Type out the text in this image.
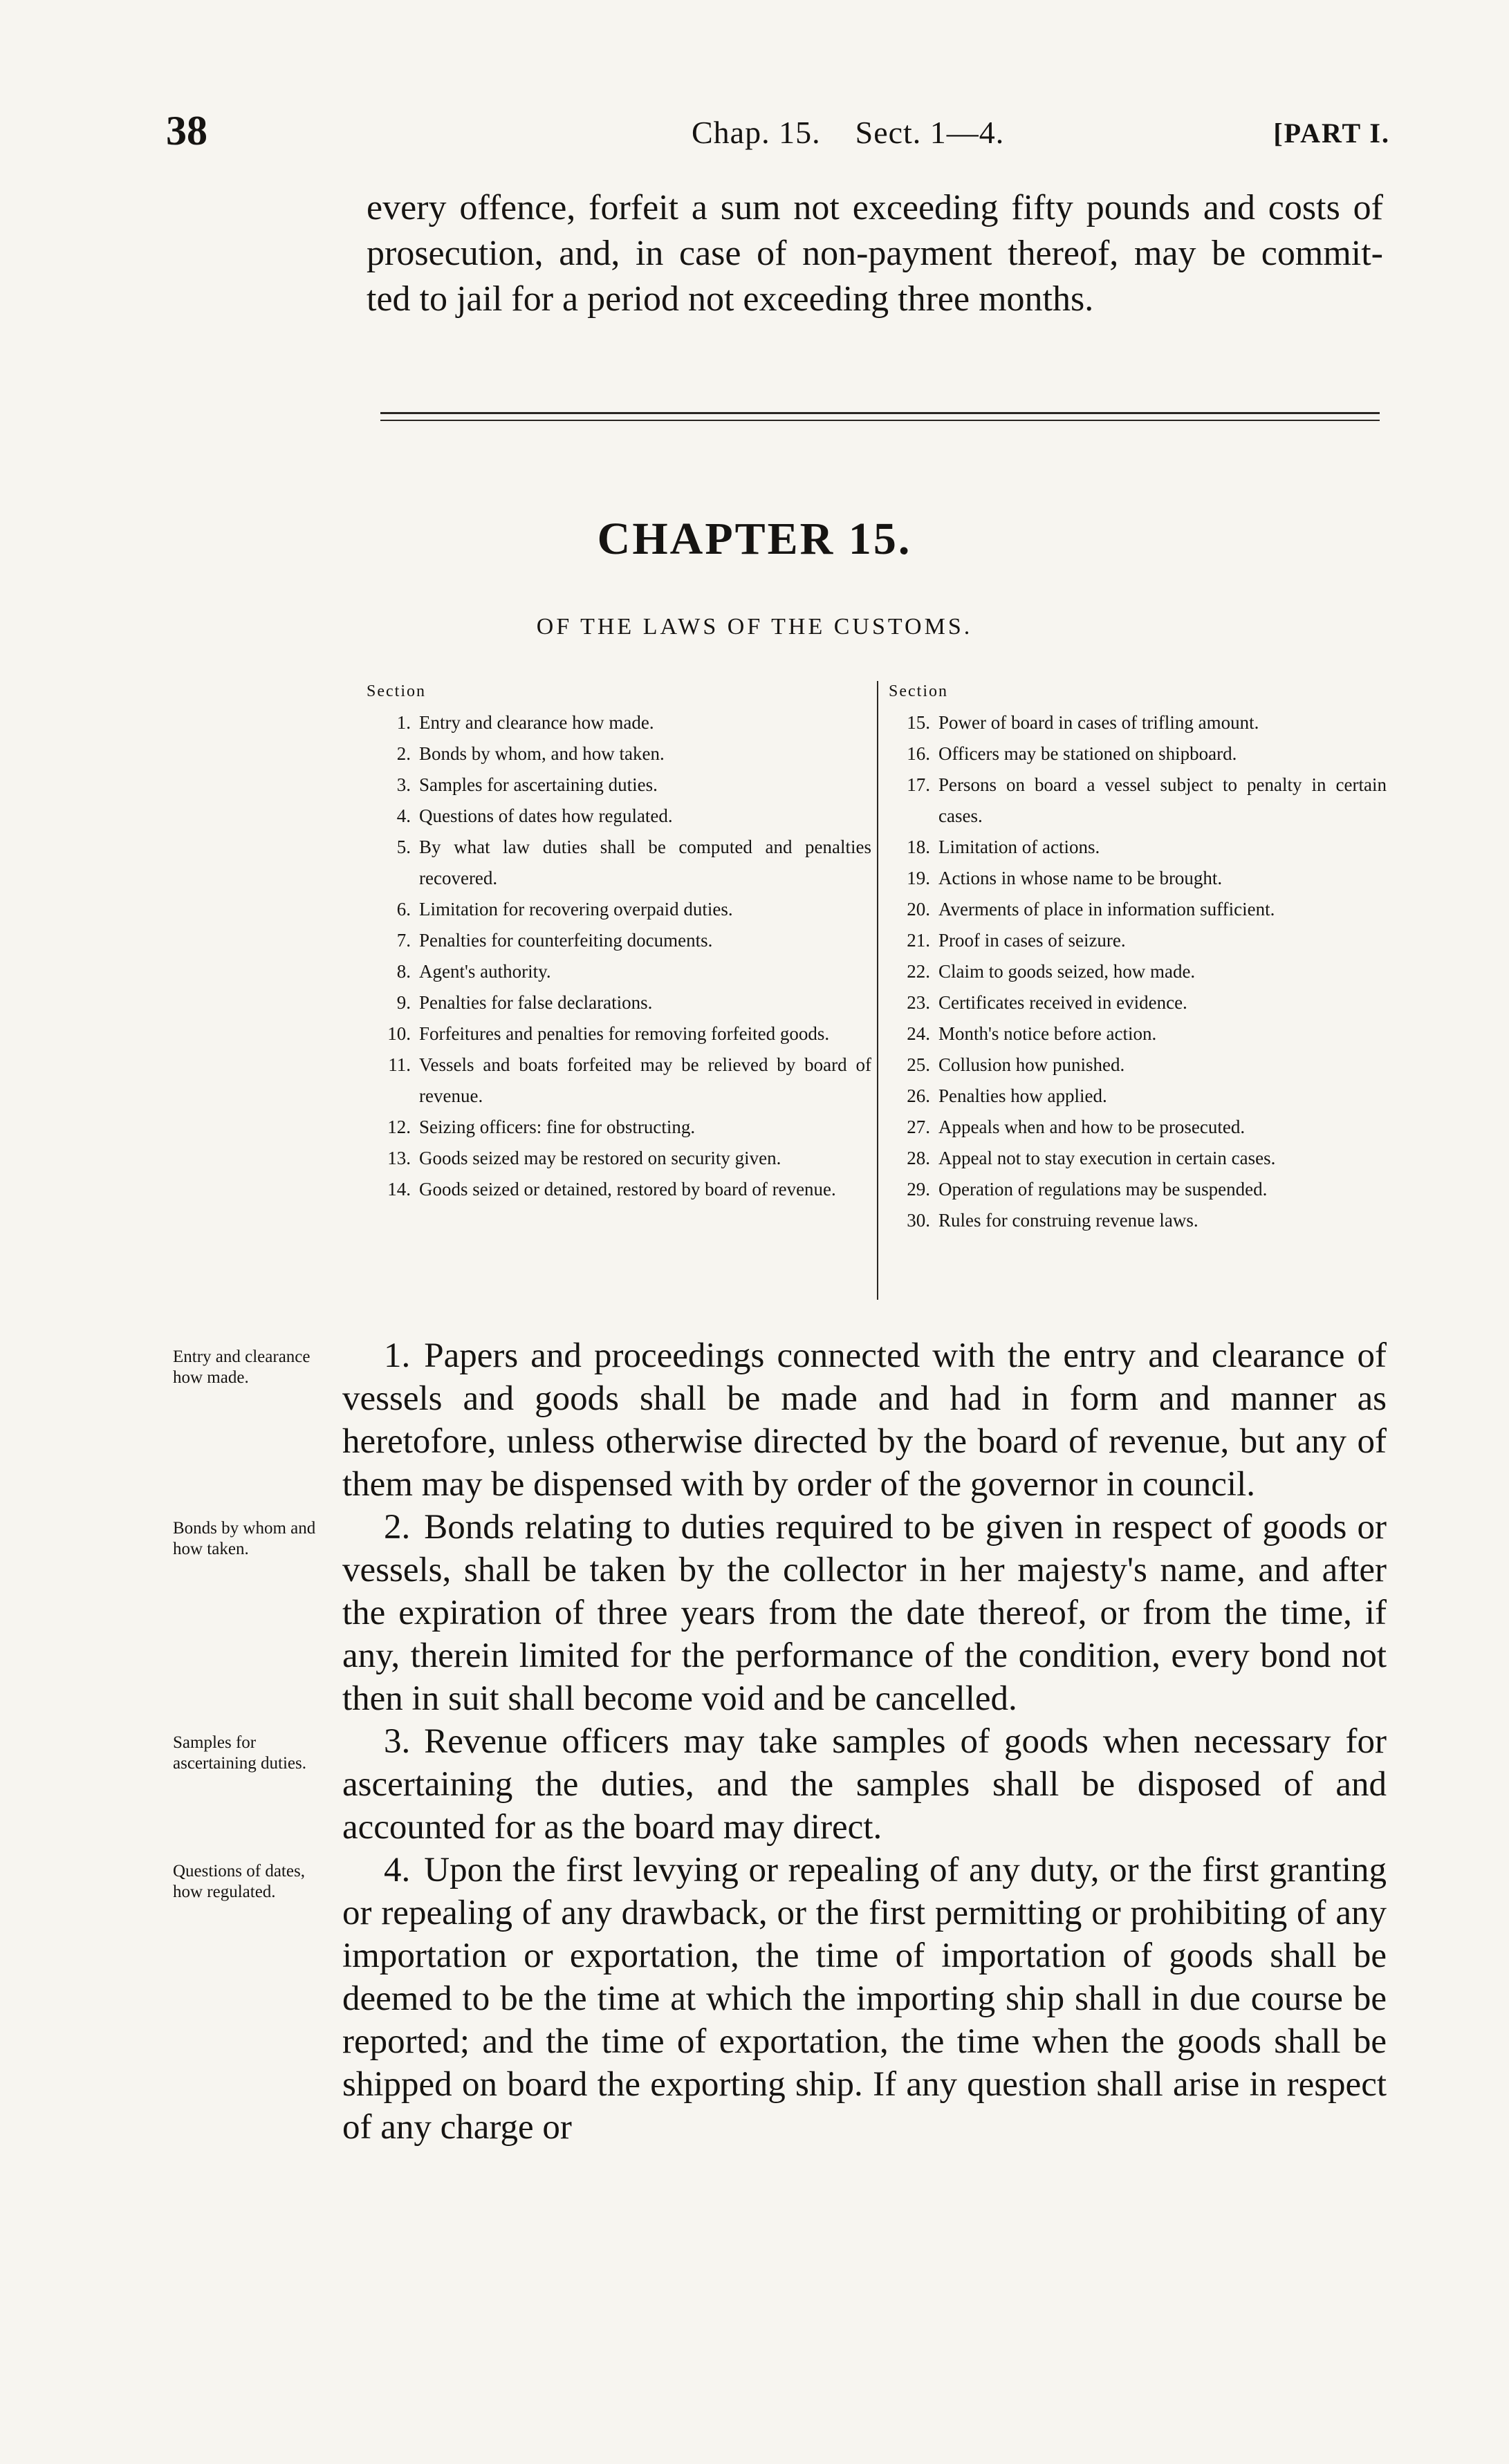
38	Chap. 15. Sect. 1—4.	[PART I.
every offence, forfeit a sum not exceeding fifty pounds and costs of
prosecution, and, in case of non-payment thereof, may be commit-
ted to jail for a period not exceeding three months.
CHAPTER 15.
OF THE LAWS OF THE CUSTOMS.
Section
1. Entry and clearance how made.
2. Bonds by whom, and how taken.
3. Samples for ascertaining duties.
4. Questions of dates how regulated.
5. By what law duties shall be computed and penalties recovered.
6. Limitation for recovering overpaid duties.
7. Penalties for counterfeiting documents.
8. Agent's authority.
9. Penalties for false declarations.
10. Forfeitures and penalties for removing forfeited goods.
11. Vessels and boats forfeited may be relieved by board of revenue.
12. Seizing officers: fine for obstructing.
13. Goods seized may be restored on security given.
14. Goods seized or detained, restored by board of revenue.
Section
15. Power of board in cases of trifling amount.
16. Officers may be stationed on shipboard.
17. Persons on board a vessel subject to penalty in certain cases.
18. Limitation of actions.
19. Actions in whose name to be brought.
20. Averments of place in information sufficient.
21. Proof in cases of seizure.
22. Claim to goods seized, how made.
23. Certificates received in evidence.
24. Month's notice before action.
25. Collusion how punished.
26. Penalties how applied.
27. Appeals when and how to be prosecuted.
28. Appeal not to stay execution in certain cases.
29. Operation of regulations may be suspended.
30. Rules for construing revenue laws.

1. Papers and proceedings connected with the entry and clearance of vessels and goods shall be made and had in form and manner as heretofore, unless otherwise directed by the board of revenue, but any of them may be dispensed with by order of the governor in council.

2. Bonds relating to duties required to be given in respect of goods or vessels, shall be taken by the collector in her majesty's name, and after the expiration of three years from the date thereof, or from the time, if any, therein limited for the performance of the condition, every bond not then in suit shall become void and be cancelled.

3. Revenue officers may take samples of goods when necessary for ascertaining the duties, and the samples shall be disposed of and accounted for as the board may direct.

4. Upon the first levying or repealing of any duty, or the first granting or repealing of any drawback, or the first permitting or prohibiting of any importation or exportation, the time of importation of goods shall be deemed to be the time at which the importing ship shall in due course be reported; and the time of exportation, the time when the goods shall be shipped on board the exporting ship. If any question shall arise in respect of any charge or

Entry and clearance how made.
Bonds by whom and how taken.
Samples for ascertaining duties.
Questions of dates, how regulated.
